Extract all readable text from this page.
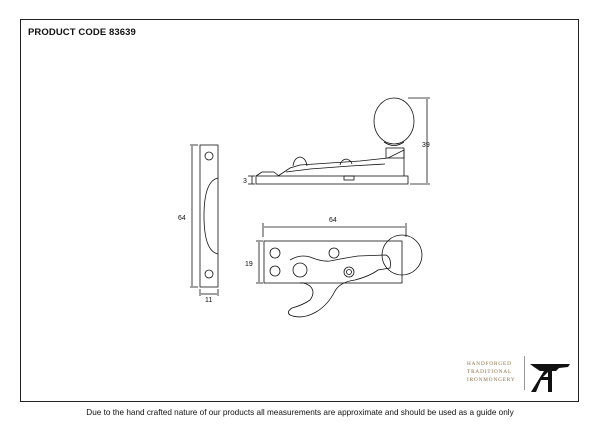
PRODUCT CODE 83639
64
11
39
3
64
19
HANDFORGED
TRADITIONAL
IRONMONGERY
Due to the hand crafted nature of our products all measurements are approximate and should be used as a guide only
